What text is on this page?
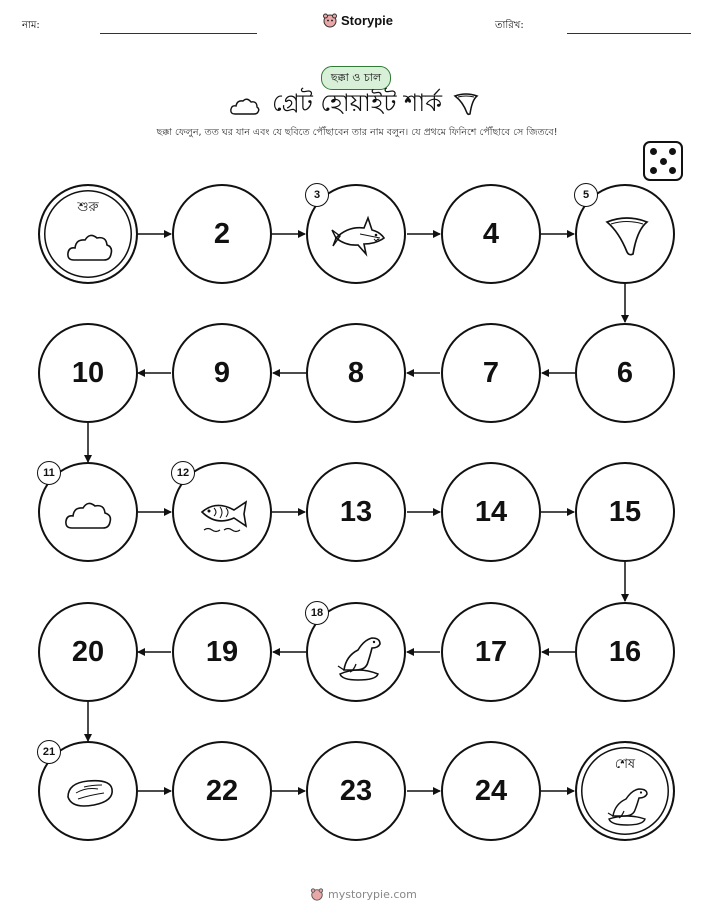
নাম:	Storypie	তারিখ:
ছক্কা ও চাল
গ্রেট হোয়াইট শার্ক
ছক্কা ফেলুন, তত ঘর যান এবং যে ছবিতে পৌঁছাবেন তার নাম বলুন। যে প্রথমে ফিনিশে পৌঁছাবে সে জিতবে!
শুরু
2
3
4
5
6
7
8
9
10
11	12
13	14	15
16
17
18
19
20
21
22	23	24
শেষ
mystorypie.com
